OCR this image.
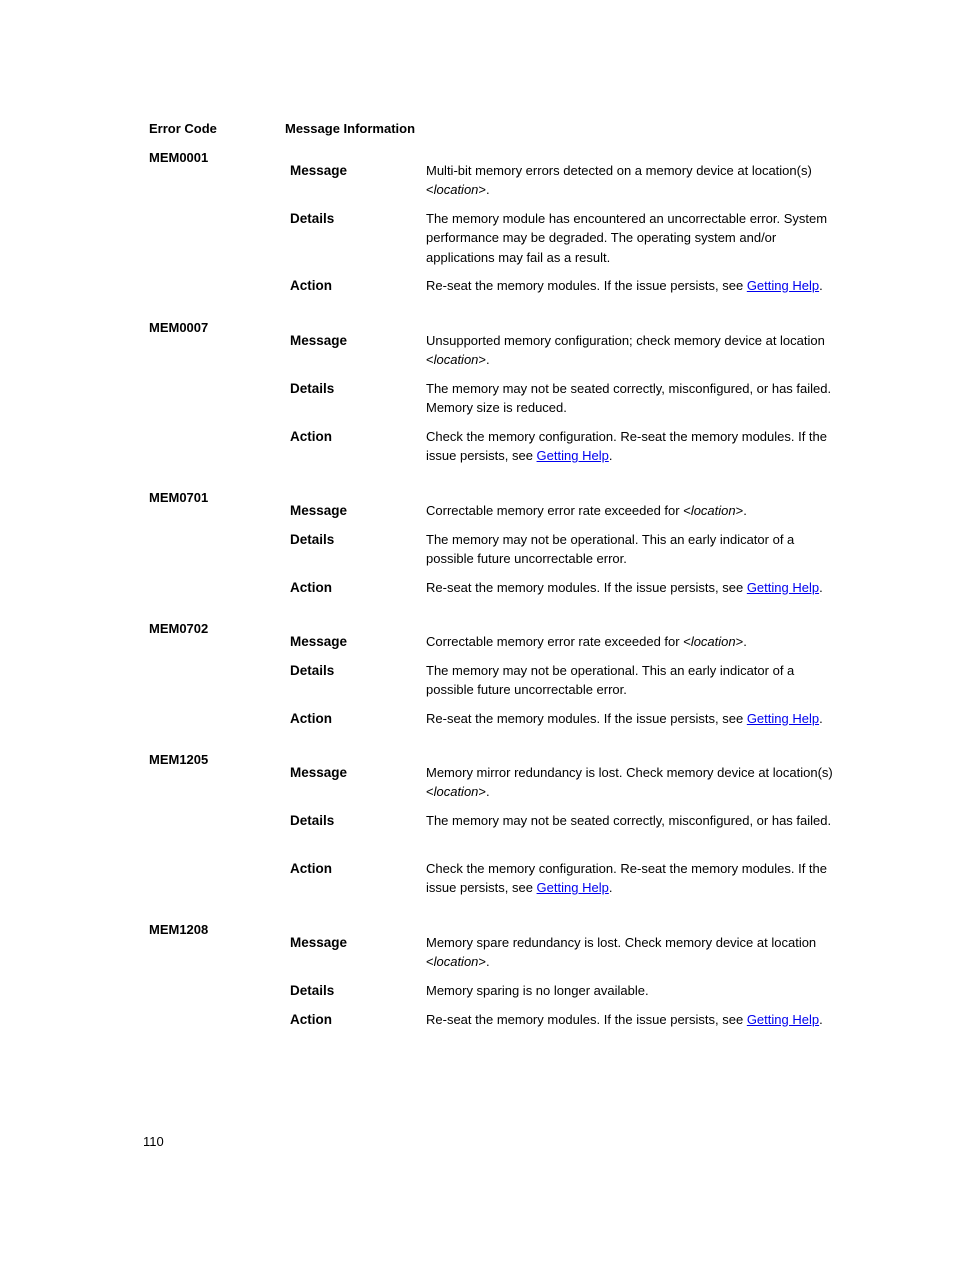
Error Code	Message Information
MEM0001
Message	Multi-bit memory errors detected on a memory device at location(s) <location>.
Details	The memory module has encountered an uncorrectable error. System performance may be degraded. The operating system and/or applications may fail as a result.
Action	Re-seat the memory modules. If the issue persists, see Getting Help.
MEM0007
Message	Unsupported memory configuration; check memory device at location <location>.
Details	The memory may not be seated correctly, misconfigured, or has failed. Memory size is reduced.
Action	Check the memory configuration. Re-seat the memory modules. If the issue persists, see Getting Help.
MEM0701
Message	Correctable memory error rate exceeded for <location>.
Details	The memory may not be operational. This an early indicator of a possible future uncorrectable error.
Action	Re-seat the memory modules. If the issue persists, see Getting Help.
MEM0702
Message	Correctable memory error rate exceeded for <location>.
Details	The memory may not be operational. This an early indicator of a possible future uncorrectable error.
Action	Re-seat the memory modules. If the issue persists, see Getting Help.
MEM1205
Message	Memory mirror redundancy is lost. Check memory device at location(s) <location>.
Details	The memory may not be seated correctly, misconfigured, or has failed.
Action	Check the memory configuration. Re-seat the memory modules. If the issue persists, see Getting Help.
MEM1208
Message	Memory spare redundancy is lost. Check memory device at location <location>.
Details	Memory sparing is no longer available.
Action	Re-seat the memory modules. If the issue persists, see Getting Help.
110
